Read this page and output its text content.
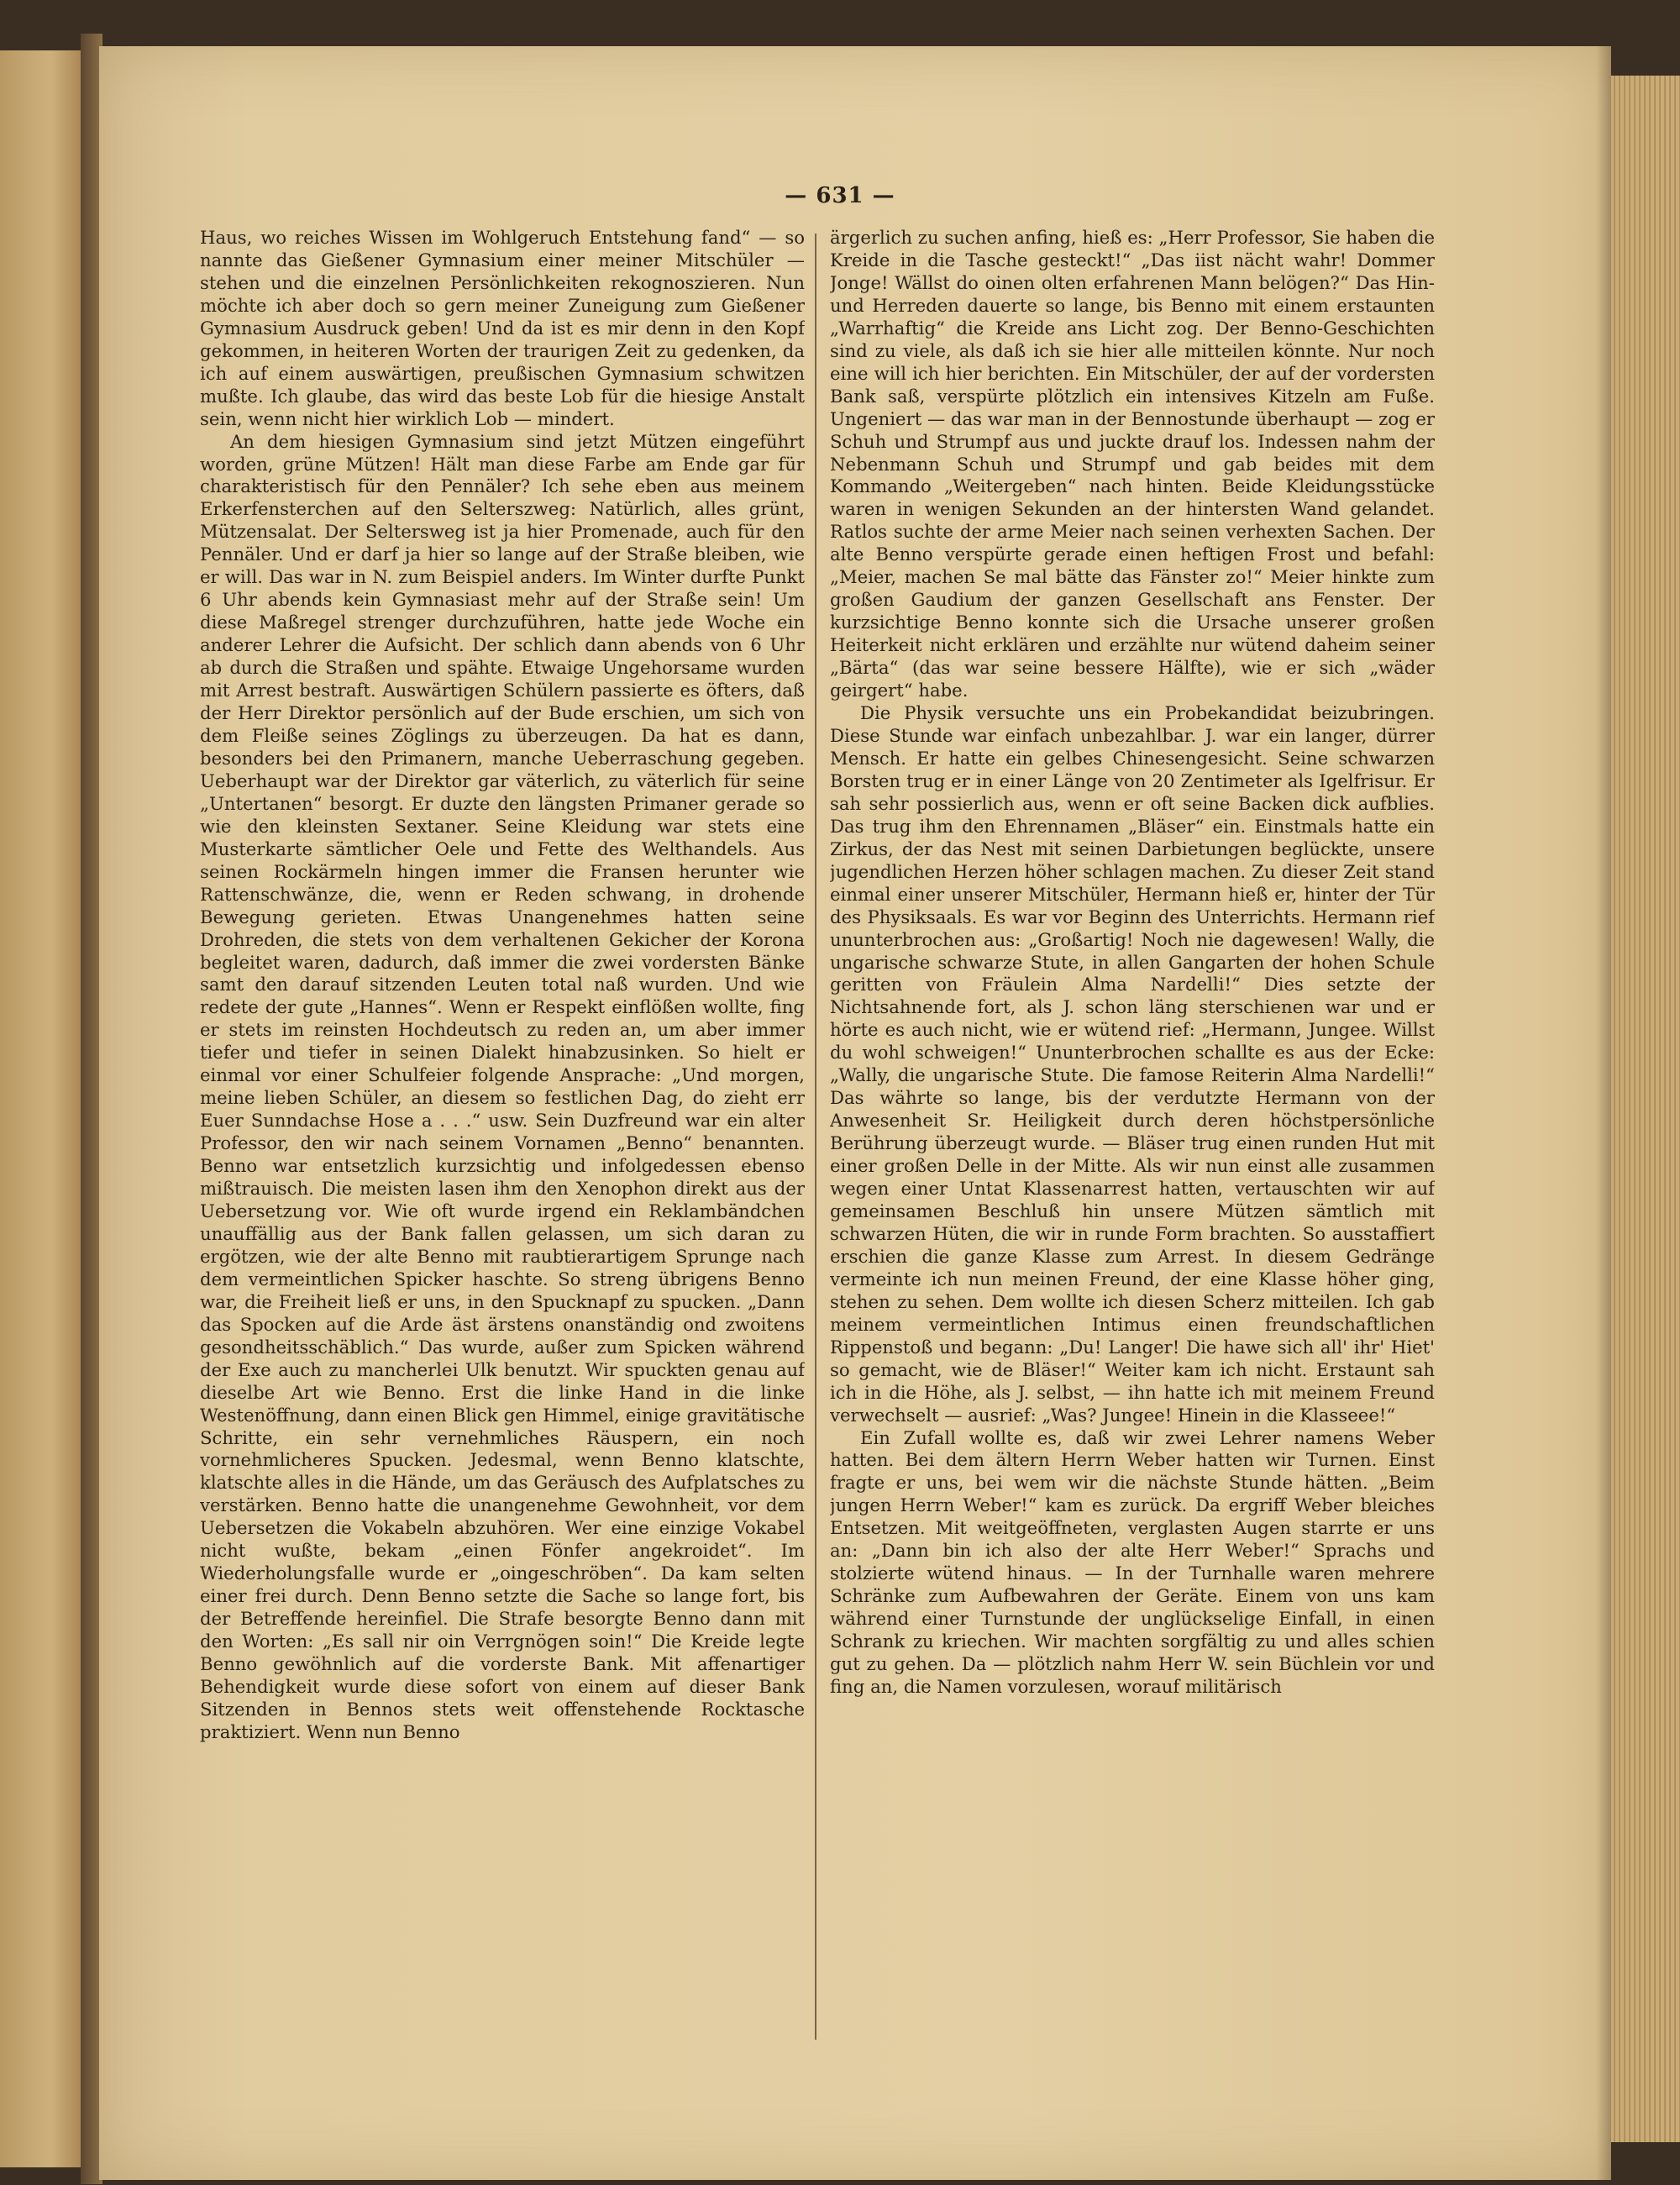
— 631 —

Haus, wo reiches Wissen im Wohlgeruch Entstehung fand“ — so nannte das Gießener Gymnasium einer meiner Mitschüler — stehen und die einzelnen Persönlichkeiten rekognoszieren. Nun möchte ich aber doch so gern meiner Zuneigung zum Gießener Gymnasium Ausdruck geben! Und da ist es mir denn in den Kopf gekommen, in heiteren Worten der traurigen Zeit zu gedenken, da ich auf einem auswärtigen, preußischen Gymnasium schwitzen mußte. Ich glaube, das wird das beste Lob für die hiesige Anstalt sein, wenn nicht hier wirklich Lob — mindert.

An dem hiesigen Gymnasium sind jetzt Mützen eingeführt worden, grüne Mützen! Hält man diese Farbe am Ende gar für charakteristisch für den Pennäler? Ich sehe eben aus meinem Erkerfensterchen auf den Selterszweg: Natürlich, alles grünt, Mützensalat. Der Seltersweg ist ja hier Promenade, auch für den Pennäler. Und er darf ja hier so lange auf der Straße bleiben, wie er will. Das war in N. zum Beispiel anders. Im Winter durfte Punkt 6 Uhr abends kein Gymnasiast mehr auf der Straße sein! Um diese Maßregel strenger durchzuführen, hatte jede Woche ein anderer Lehrer die Aufsicht. Der schlich dann abends von 6 Uhr ab durch die Straßen und spähte. Etwaige Ungehorsame wurden mit Arrest bestraft. Auswärtigen Schülern passierte es öfters, daß der Herr Direktor persönlich auf der Bude erschien, um sich von dem Fleiße seines Zöglings zu überzeugen. Da hat es dann, besonders bei den Primanern, manche Ueberraschung gegeben. Ueberhaupt war der Direktor gar väterlich, zu väterlich für seine „Untertanen“ besorgt. Er duzte den längsten Primaner gerade so wie den kleinsten Sextaner. Seine Kleidung war stets eine Musterkarte sämtlicher Oele und Fette des Welthandels. Aus seinen Rockärmeln hingen immer die Fransen herunter wie Rattenschwänze, die, wenn er Reden schwang, in drohende Bewegung gerieten. Etwas Unangenehmes hatten seine Drohreden, die stets von dem verhaltenen Gekicher der Korona begleitet waren, dadurch, daß immer die zwei vordersten Bänke samt den darauf sitzenden Leuten total naß wurden. Und wie redete der gute „Hannes“. Wenn er Respekt einflößen wollte, fing er stets im reinsten Hochdeutsch zu reden an, um aber immer tiefer und tiefer in seinen Dialekt hinabzusinken. So hielt er einmal vor einer Schulfeier folgende Ansprache: „Und morgen, meine lieben Schüler, an diesem so festlichen Dag, do zieht err Euer Sunndachse Hose a . . .“ usw. Sein Duzfreund war ein alter Professor, den wir nach seinem Vornamen „Benno“ benannten. Benno war entsetzlich kurzsichtig und infolgedessen ebenso mißtrauisch. Die meisten lasen ihm den Xenophon direkt aus der Uebersetzung vor. Wie oft wurde irgend ein Reklambändchen unauffällig aus der Bank fallen gelassen, um sich daran zu ergötzen, wie der alte Benno mit raubtierartigem Sprunge nach dem vermeintlichen Spicker haschte. So streng übrigens Benno war, die Freiheit ließ er uns, in den Spucknapf zu spucken. „Dann das Spocken auf die Arde äst ärstens onanständig ond zwoitens gesondheitsschäblich.“ Das wurde, außer zum Spicken während der Exe auch zu mancherlei Ulk benutzt. Wir spuckten genau auf dieselbe Art wie Benno. Erst die linke Hand in die linke Westenöffnung, dann einen Blick gen Himmel, einige gravitätische Schritte, ein sehr vernehmliches Räuspern, ein noch vornehmlicheres Spucken. Jedesmal, wenn Benno klatschte, klatschte alles in die Hände, um das Geräusch des Aufplatsches zu verstärken. Benno hatte die unangenehme Gewohnheit, vor dem Uebersetzen die Vokabeln abzuhören. Wer eine einzige Vokabel nicht wußte, bekam „einen Fönfer angekroidet“. Im Wiederholungsfalle wurde er „oingeschröben“. Da kam selten einer frei durch. Denn Benno setzte die Sache so lange fort, bis der Betreffende hereinfiel. Die Strafe besorgte Benno dann mit den Worten: „Es sall nir oin Verrgnögen soin!“ Die Kreide legte Benno gewöhnlich auf die vorderste Bank. Mit affenartiger Behendigkeit wurde diese sofort von einem auf dieser Bank Sitzenden in Bennos stets weit offenstehende Rocktasche praktiziert. Wenn nun Benno

ärgerlich zu suchen anfing, hieß es: „Herr Professor, Sie haben die Kreide in die Tasche gesteckt!“ „Das iist nächt wahr! Dommer Jonge! Wällst do oinen olten erfahrenen Mann belögen?“ Das Hin- und Herreden dauerte so lange, bis Benno mit einem erstaunten „Warrhaftig“ die Kreide ans Licht zog. Der Benno-Geschichten sind zu viele, als daß ich sie hier alle mitteilen könnte. Nur noch eine will ich hier berichten. Ein Mitschüler, der auf der vordersten Bank saß, verspürte plötzlich ein intensives Kitzeln am Fuße. Ungeniert — das war man in der Bennostunde überhaupt — zog er Schuh und Strumpf aus und juckte drauf los. Indessen nahm der Nebenmann Schuh und Strumpf und gab beides mit dem Kommando „Weitergeben“ nach hinten. Beide Kleidungsstücke waren in wenigen Sekunden an der hintersten Wand gelandet. Ratlos suchte der arme Meier nach seinen verhexten Sachen. Der alte Benno verspürte gerade einen heftigen Frost und befahl: „Meier, machen Se mal bätte das Fänster zo!“ Meier hinkte zum großen Gaudium der ganzen Gesellschaft ans Fenster. Der kurzsichtige Benno konnte sich die Ursache unserer großen Heiterkeit nicht erklären und erzählte nur wütend daheim seiner „Bärta“ (das war seine bessere Hälfte), wie er sich „wäder geirgert“ habe.

Die Physik versuchte uns ein Probekandidat beizubringen. Diese Stunde war einfach unbezahlbar. J. war ein langer, dürrer Mensch. Er hatte ein gelbes Chinesengesicht. Seine schwarzen Borsten trug er in einer Länge von 20 Zentimeter als Igelfrisur. Er sah sehr possierlich aus, wenn er oft seine Backen dick aufblies. Das trug ihm den Ehrennamen „Bläser“ ein. Einstmals hatte ein Zirkus, der das Nest mit seinen Darbietungen beglückte, unsere jugendlichen Herzen höher schlagen machen. Zu dieser Zeit stand einmal einer unserer Mitschüler, Hermann hieß er, hinter der Tür des Physiksaals. Es war vor Beginn des Unterrichts. Hermann rief ununterbrochen aus: „Großartig! Noch nie dagewesen! Wally, die ungarische schwarze Stute, in allen Gangarten der hohen Schule geritten von Fräulein Alma Nardelli!“ Dies setzte der Nichtsahnende fort, als J. schon läng sterschienen war und er hörte es auch nicht, wie er wütend rief: „Hermann, Jungee. Willst du wohl schweigen!“ Ununterbrochen schallte es aus der Ecke: „Wally, die ungarische Stute. Die famose Reiterin Alma Nardelli!“ Das währte so lange, bis der verdutzte Hermann von der Anwesenheit Sr. Heiligkeit durch deren höchstpersönliche Berührung überzeugt wurde. — Bläser trug einen runden Hut mit einer großen Delle in der Mitte. Als wir nun einst alle zusammen wegen einer Untat Klassenarrest hatten, vertauschten wir auf gemeinsamen Beschluß hin unsere Mützen sämtlich mit schwarzen Hüten, die wir in runde Form brachten. So ausstaffiert erschien die ganze Klasse zum Arrest. In diesem Gedränge vermeinte ich nun meinen Freund, der eine Klasse höher ging, stehen zu sehen. Dem wollte ich diesen Scherz mitteilen. Ich gab meinem vermeintlichen Intimus einen freundschaftlichen Rippenstoß und begann: „Du! Langer! Die hawe sich all' ihr' Hiet' so gemacht, wie de Bläser!“ Weiter kam ich nicht. Erstaunt sah ich in die Höhe, als J. selbst, — ihn hatte ich mit meinem Freund verwechselt — ausrief: „Was? Jungee! Hinein in die Klasseee!“

Ein Zufall wollte es, daß wir zwei Lehrer namens Weber hatten. Bei dem ältern Herrn Weber hatten wir Turnen. Einst fragte er uns, bei wem wir die nächste Stunde hätten. „Beim jungen Herrn Weber!“ kam es zurück. Da ergriff Weber bleiches Entsetzen. Mit weitgeöffneten, verglasten Augen starrte er uns an: „Dann bin ich also der alte Herr Weber!“ Sprachs und stolzierte wütend hinaus. — In der Turnhalle waren mehrere Schränke zum Aufbewahren der Geräte. Einem von uns kam während einer Turnstunde der unglückselige Einfall, in einen Schrank zu kriechen. Wir machten sorgfältig zu und alles schien gut zu gehen. Da — plötzlich nahm Herr W. sein Büchlein vor und fing an, die Namen vorzulesen, worauf militärisch
